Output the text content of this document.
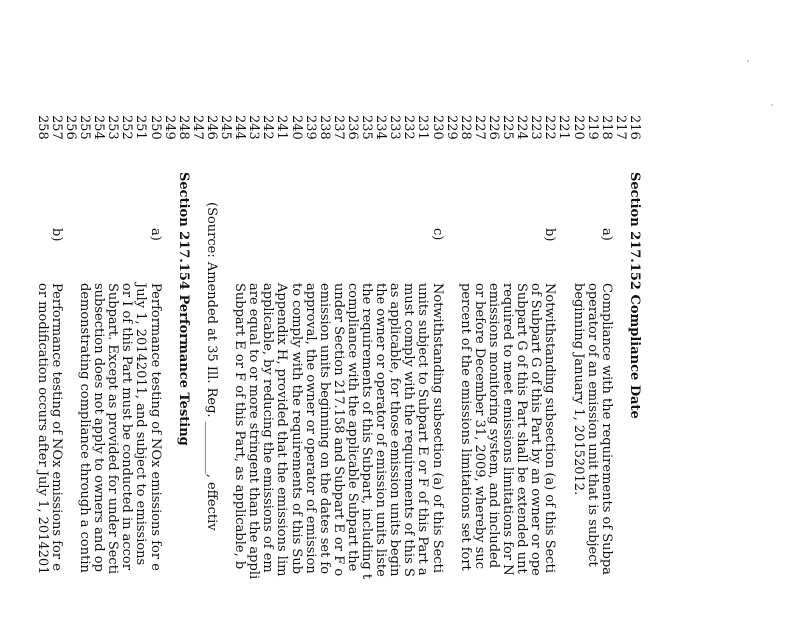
216
Section 217.152 Compliance Date
217
218
a)
Compliance with the requirements of Subpa
219
operator of an emission unit that is subject
220
beginning January 1, 20152012.
221
222
b)
Notwithstanding subsection (a) of this Secti
223
of Subpart G of this Part by an owner or ope
224
Subpart G of this Part shall be extended unt
225
required to meet emissions limitations for N
226
emissions monitoring system, and included
227
or before December 31, 2009, whereby suc
228
percent of the emissions limitations set fort
229
230
c)
Notwithstanding subsection (a) of this Secti
231
units subject to Subpart E or F of this Part a
232
must comply with the requirements of this S
233
as applicable, for those emission units begin
234
the owner or operator of emission units liste
235
the requirements of this Subpart, including t
236
compliance with the applicable Subpart the
237
under Section 217.158 and Subpart E or F o
238
emission units beginning on the dates set fo
239
approval, the owner or operator of emission
240
to comply with the requirements of this Sub
241
Appendix H, provided that the emissions lim
242
applicable, by reducing the emissions of em
243
are equal to or more stringent than the appli
244
Subpart E or F of this Part, as applicable, b
245
246
(Source: Amended at 35 Ill. Reg. ________, effectiv
247
248
Section 217.154 Performance Testing
249
250
a)
Performance testing of NOx emissions for e
251
July 1, 20142011, and subject to emissions
252
or I of this Part must be conducted in accor
253
Subpart. Except as provided for under Secti
254
subsection does not apply to owners and op
255
demonstrating compliance through a contin
256
257
b)
Performance testing of NOx emissions for e
258
or modification occurs after July 1, 2014201
